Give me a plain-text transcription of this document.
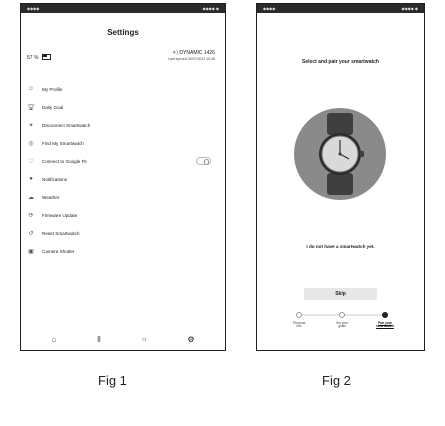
◆◆◆◆	◆◆◆◆ ◆
Settings
57 %
✶) DYNAMIC 1426
Last synced 30/07/2021 10:28
☺	My Profile
🏆︎	Daily Goal
✶	Disconnect Smartwatch
◎	Find My Smartwatch
♡	Connect to Google Fit
●	Notifications
☁︎	Weather
⟳	Firmware Update
↺	Reset Smartwatch
▣	Camera Shutter
⌂	Ⅱ	○	⚙︎
◆◆◆◆	◆◆◆◆ ◆
Select and pair your smartwatch
I do not have a smartwatch yet.
Skip
Personal
info
Set your
goals
Pair your
smartwatch
Fig 1	Fig 2
